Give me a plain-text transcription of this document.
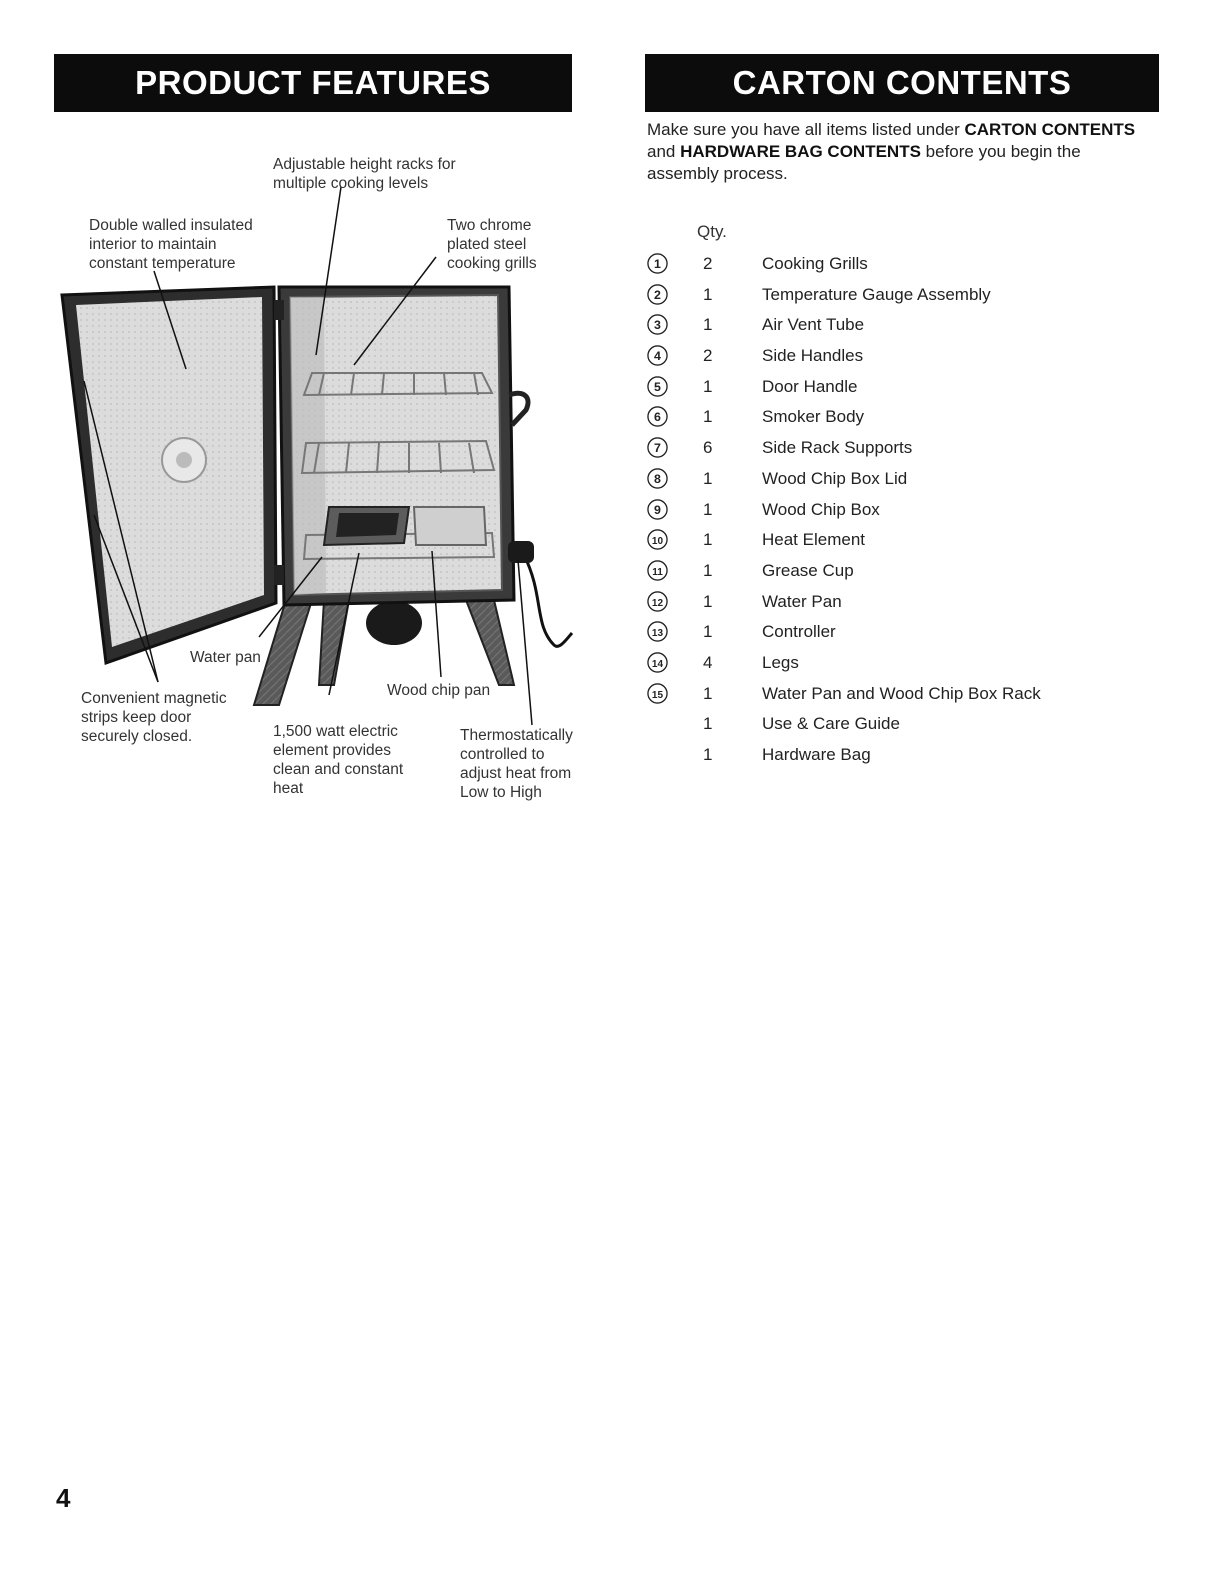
PRODUCT FEATURES	CARTON CONTENTS

Adjustable height racks for
multiple cooking levels

Double walled insulated
interior to maintain
constant temperature

Two chrome
plated steel
cooking grills

Water pan

Wood chip pan

Convenient magnetic
strips keep door
securely closed.	1,500 watt electric
element provides
clean and constant
heat

Thermostatically
controlled to
adjust heat from
Low to High

Make sure you have all items listed under CARTON CONTENTS and HARDWARE BAG CONTENTS before you begin the assembly process.

Qty.

1 2	Cooking Grills
2 1	Temperature Gauge Assembly
3 1	Air Vent Tube
4 2	Side Handles
5 1	Door Handle
6 1	Smoker Body
7 6	Side Rack Supports
8 1	Wood Chip Box Lid
9 1	Wood Chip Box
10 1	Heat Element
11 1	Grease Cup
12 1	Water Pan
13 1	Controller
14 4	Legs
15 1	Water Pan and Wood Chip Box Rack
1	Use & Care Guide
1	Hardware Bag

4
